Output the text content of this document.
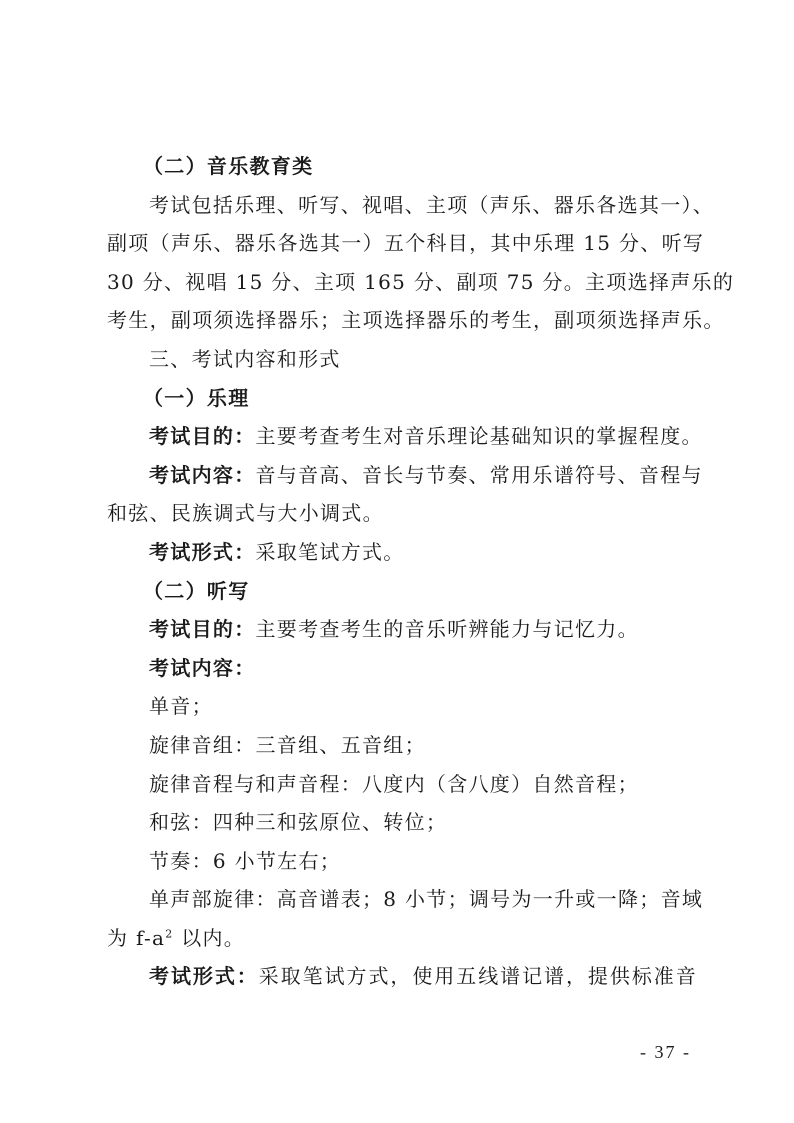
（二）音乐教育类
考试包括乐理、听写、视唱、主项（声乐、器乐各选其一）、
副项（声乐、器乐各选其一）五个科目，其中乐理 15 分、听写
30 分、视唱 15 分、主项 165 分、副项 75 分。主项选择声乐的
考生，副项须选择器乐；主项选择器乐的考生，副项须选择声乐。
三、考试内容和形式
（一）乐理
考试目的：主要考查考生对音乐理论基础知识的掌握程度。
考试内容：音与音高、音长与节奏、常用乐谱符号、音程与
和弦、民族调式与大小调式。
考试形式：采取笔试方式。
（二）听写
考试目的：主要考查考生的音乐听辨能力与记忆力。
考试内容：
单音；
旋律音组：三音组、五音组；
旋律音程与和声音程：八度内（含八度）自然音程；
和弦：四种三和弦原位、转位；
节奏：6 小节左右；
单声部旋律：高音谱表；8 小节；调号为一升或一降；音域
为 $f-a^2$ 以内。
考试形式：采取笔试方式，使用五线谱记谱，提供标准音
- 37 -
